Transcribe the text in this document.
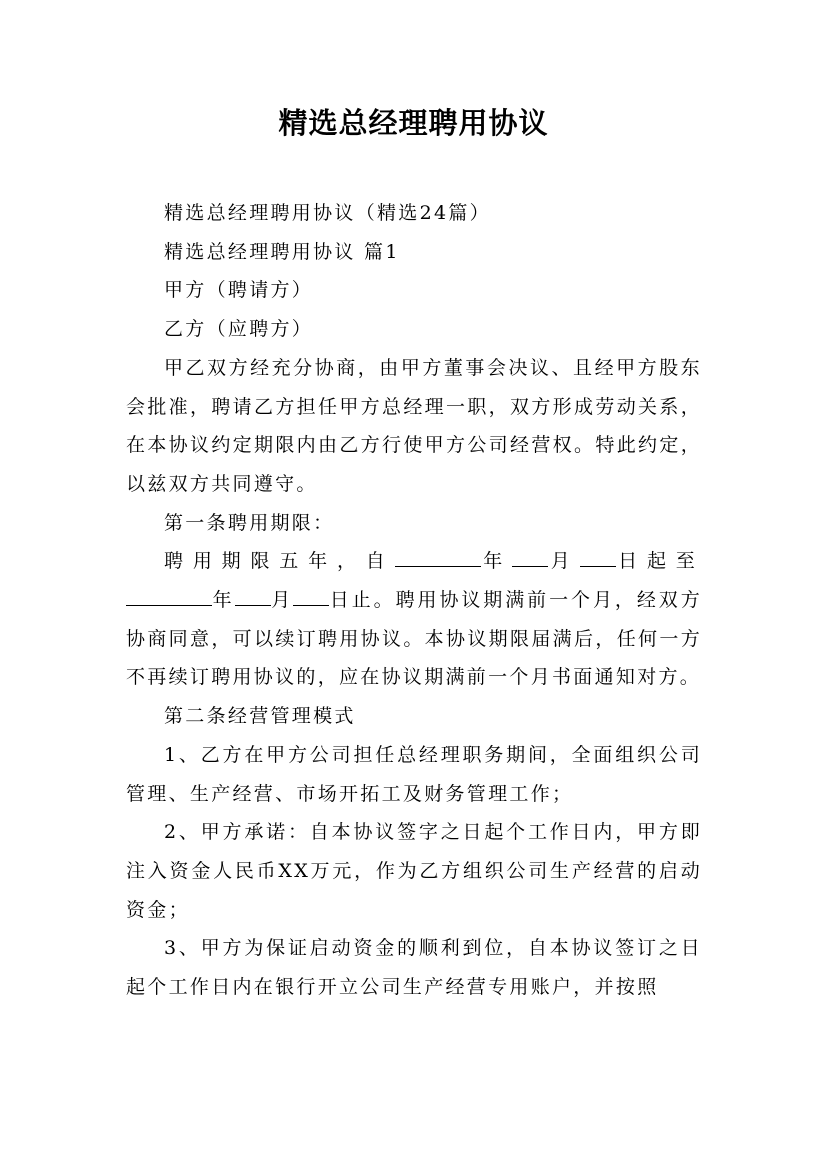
精选总经理聘用协议

精选总经理聘用协议（精选24篇）

精选总经理聘用协议 篇1

甲方（聘请方）

乙方（应聘方）

甲乙双方经充分协商，由甲方董事会决议、且经甲方股东会批准，聘请乙方担任甲方总经理一职，双方形成劳动关系，在本协议约定期限内由乙方行使甲方公司经营权。特此约定，以兹双方共同遵守。

第一条聘用期限：

聘用期限五年，自	年 月 日起至年 月 日止。聘用协议期满前一个月，经双方协商同意，可以续订聘用协议。本协议期限届满后，任何一方不再续订聘用协议的，应在协议期满前一个月书面通知对方。

第二条经营管理模式

1、乙方在甲方公司担任总经理职务期间，全面组织公司管理、生产经营、市场开拓工及财务管理工作；

2、甲方承诺：自本协议签字之日起个工作日内，甲方即注入资金人民币XX万元，作为乙方组织公司生产经营的启动资金；

3、甲方为保证启动资金的顺利到位，自本协议签订之日起个工作日内在银行开立公司生产经营专用账户，并按照
